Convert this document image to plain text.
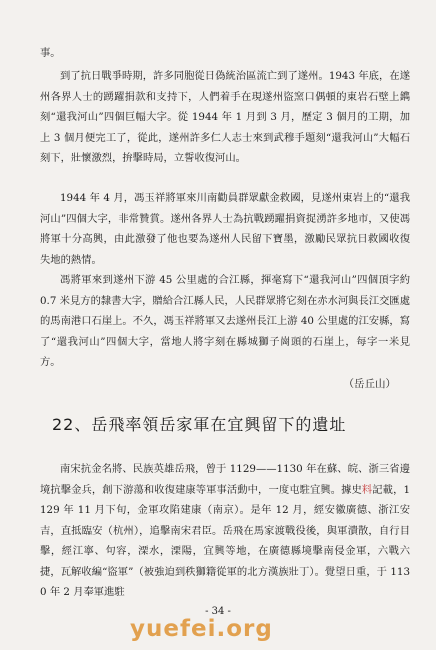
事。
到了抗日戰爭時期，許多同胞從日偽統治區流亡到了遂州。1943 年底，在遂州各界人士的踴躍捐款和支持下，人們着手在現遂州盜窯口偶頓的東岩石壁上鐫刻“還我河山”四個巨幅大字。從 1944 年 1 月到 3 月，歷定 3 個月的工期，加上 3 個月便完工了，從此，遂州許多仁人志士來到武穆手題刻“還我河山”大幅石刻下，壯懷激烈，拚擊時局，立誓收復河山。
1944 年 4 月，馮玉祥將軍來川南勸員群眾獻金救國，見遂州東岩上的“還我河山”四個大字，非常贊賞。遂州各界人士為抗戰踴躍捐資捉湧許多地市，又使馮將軍十分高興，由此激發了他也要為遂州人民留下寶墨，激勵民眾抗日救國收復失地的熱情。
馮將軍來到遂州下游 45 公里處的合江縣，揮毫寫下“還我河山”四個頂字約 0.7 米見方的隸書大字，贈給合江縣人民，人民群眾將它刻在赤水河與長江交匯處的馬南港口石崖上。不久，馮玉祥將軍又去遂州長江上游 40 公里處的江安縣，寫了“還我河山”四個大字，當地人將字刻在縣城獅子崗頭的石崖上，每字一米見方。
（岳丘山）
22、岳飛率領岳家軍在宜興留下的遺址
南宋抗金名將、民族英雄岳飛，曾于 1129——1130 年在蘇、皖、浙三省邊境抗擊金兵，創下游蕩和收復建康等軍事活動中，一度屯駐宜興。據史料記載，1129 年 11 月下旬，金軍攻陷建康（南京）。是年 12 月，經安徽廣德、浙江安吉，直抵臨安（杭州），追擊南宋君臣。岳飛在馬家渡戰役後，與軍潰散，自行目擊，經江寧、句容，溧水，溧陽，宜興等地，在廣德縣境擊南侵金軍，六戰六捷，瓦解收編“盜軍”（被強迫到秩獅籍從軍的北方漢族壯丁）。覺望日重，于 1130 年 2 月奉軍進駐
- 34 -
yuefei.org
